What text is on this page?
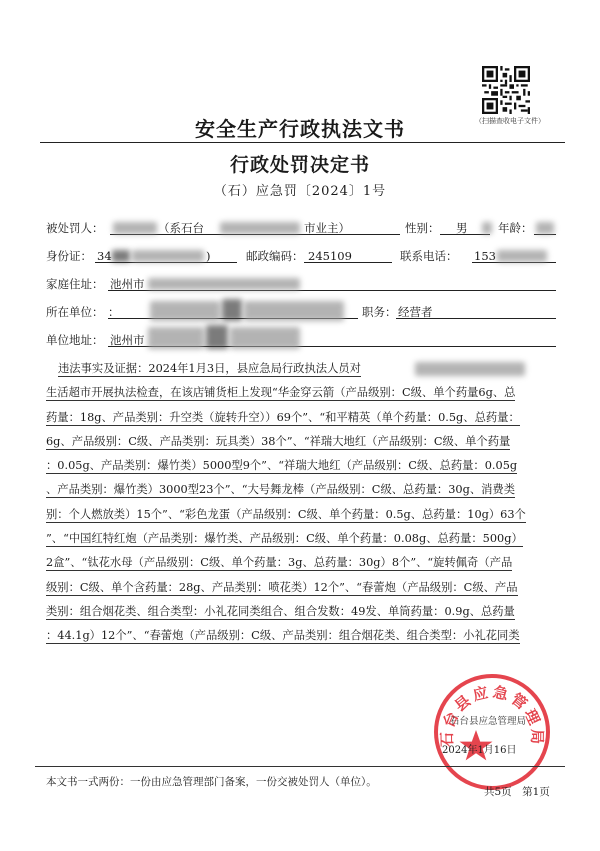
（扫描查收电子文件）
安全生产行政执法文书
行政处罚决定书
（石）应急罚〔2024〕1号
被处罚人：	（系石台	市业主）	性别： 男	年龄：
身份证： 34	)	邮政编码： 245109	联系电话： 153
家庭住址： 池州市
所在单位： ：	职务： 经营者
单位地址： 池州市
违法事实及证据：2024年1月3日，县应急局行政执法人员对
生活超市开展执法检查，在该店铺货柜上发现“华金穿云箭（产品级别：C级、单个药量6g、总
药量：18g、产品类别：升空类（旋转升空））69个”、“和平精英（单个药量：0.5g、总药量：
6g、产品级别：C级、产品类别：玩具类）38个”、“祥瑞大地红（产品级别：C级、单个药量
：0.05g、产品类别：爆竹类）5000型9个”、“祥瑞大地红（产品级别：C级、总药量：0.05g
、产品类别：爆竹类）3000型23个”、“大号舞龙棒（产品级别：C级、总药量：30g、消费类
别：个人燃放类）15个”、“彩色龙蛋（产品级别：C级、单个药量：0.5g、总药量：10g）63个
”、“中国红特红炮（产品类别：爆竹类、产品级别：C级、单个药量：0.08g、总药量：500g）
2盒”、“钛花水母（产品级别：C级、单个药量：3g、总药量：30g）8个”、“旋转佩奇（产品
级别：C级、单个含药量：28g、产品类别：喷花类）12个”、“春蕾炮（产品级别：C级、产品
类别：组合烟花类、组合类型：小礼花同类组合、组合发数：49发、单筒药量：0.9g、总药量
：44.1g）12个”、“春蕾炮（产品级别：C级、产品类别：组合烟花类、组合类型：小礼花同类
石台县应急管理局
石台县应急管理局
2024年1月16日
本文书一式两份：一份由应急管理部门备案，一份交被处罚人（单位）。
共5页　第1页
